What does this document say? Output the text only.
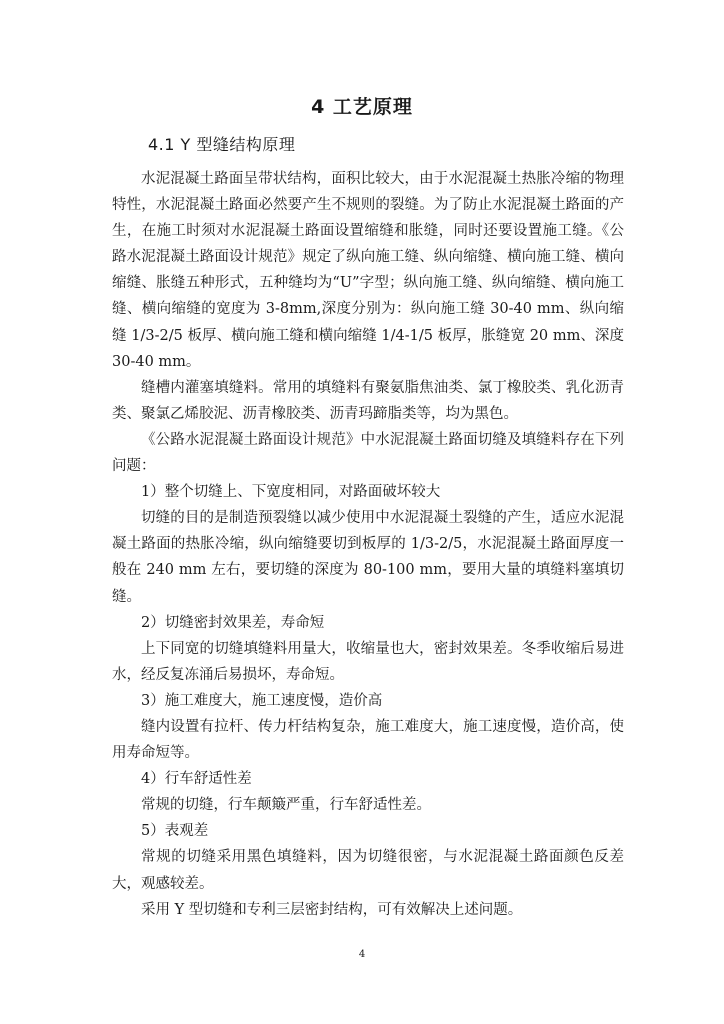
4 工艺原理
4.1 Y 型缝结构原理

水泥混凝土路面呈带状结构，面积比较大，由于水泥混凝土热胀冷缩的物理特性，水泥混凝土路面必然要产生不规则的裂缝。为了防止水泥混凝土路面的产生，在施工时须对水泥混凝土路面设置缩缝和胀缝，同时还要设置施工缝。《公路水泥混凝土路面设计规范》规定了纵向施工缝、纵向缩缝、横向施工缝、横向缩缝、胀缝五种形式，五种缝均为“U”字型；纵向施工缝、纵向缩缝、横向施工缝、横向缩缝的宽度为 3-8mm,深度分别为：纵向施工缝 30-40 mm、纵向缩缝 1/3-2/5 板厚、横向施工缝和横向缩缝 1/4-1/5 板厚，胀缝宽 20 mm、深度 30-40 mm。

缝槽内灌塞填缝料。常用的填缝料有聚氨脂焦油类、氯丁橡胶类、乳化沥青类、聚氯乙烯胶泥、沥青橡胶类、沥青玛蹄脂类等，均为黑色。

《公路水泥混凝土路面设计规范》中水泥混凝土路面切缝及填缝料存在下列问题：

1）整个切缝上、下宽度相同，对路面破坏较大

切缝的目的是制造预裂缝以减少使用中水泥混凝土裂缝的产生，适应水泥混凝土路面的热胀冷缩，纵向缩缝要切到板厚的 1/3-2/5，水泥混凝土路面厚度一般在 240 mm 左右，要切缝的深度为 80-100 mm，要用大量的填缝料塞填切缝。

2）切缝密封效果差，寿命短

上下同宽的切缝填缝料用量大，收缩量也大，密封效果差。冬季收缩后易进水，经反复冻涌后易损坏，寿命短。

3）施工难度大，施工速度慢，造价高

缝内设置有拉杆、传力杆结构复杂，施工难度大，施工速度慢，造价高，使用寿命短等。

4）行车舒适性差

常规的切缝，行车颠簸严重，行车舒适性差。

5）表观差

常规的切缝采用黑色填缝料，因为切缝很密，与水泥混凝土路面颜色反差大，观感较差。

采用 Y 型切缝和专利三层密封结构，可有效解决上述问题。

4
